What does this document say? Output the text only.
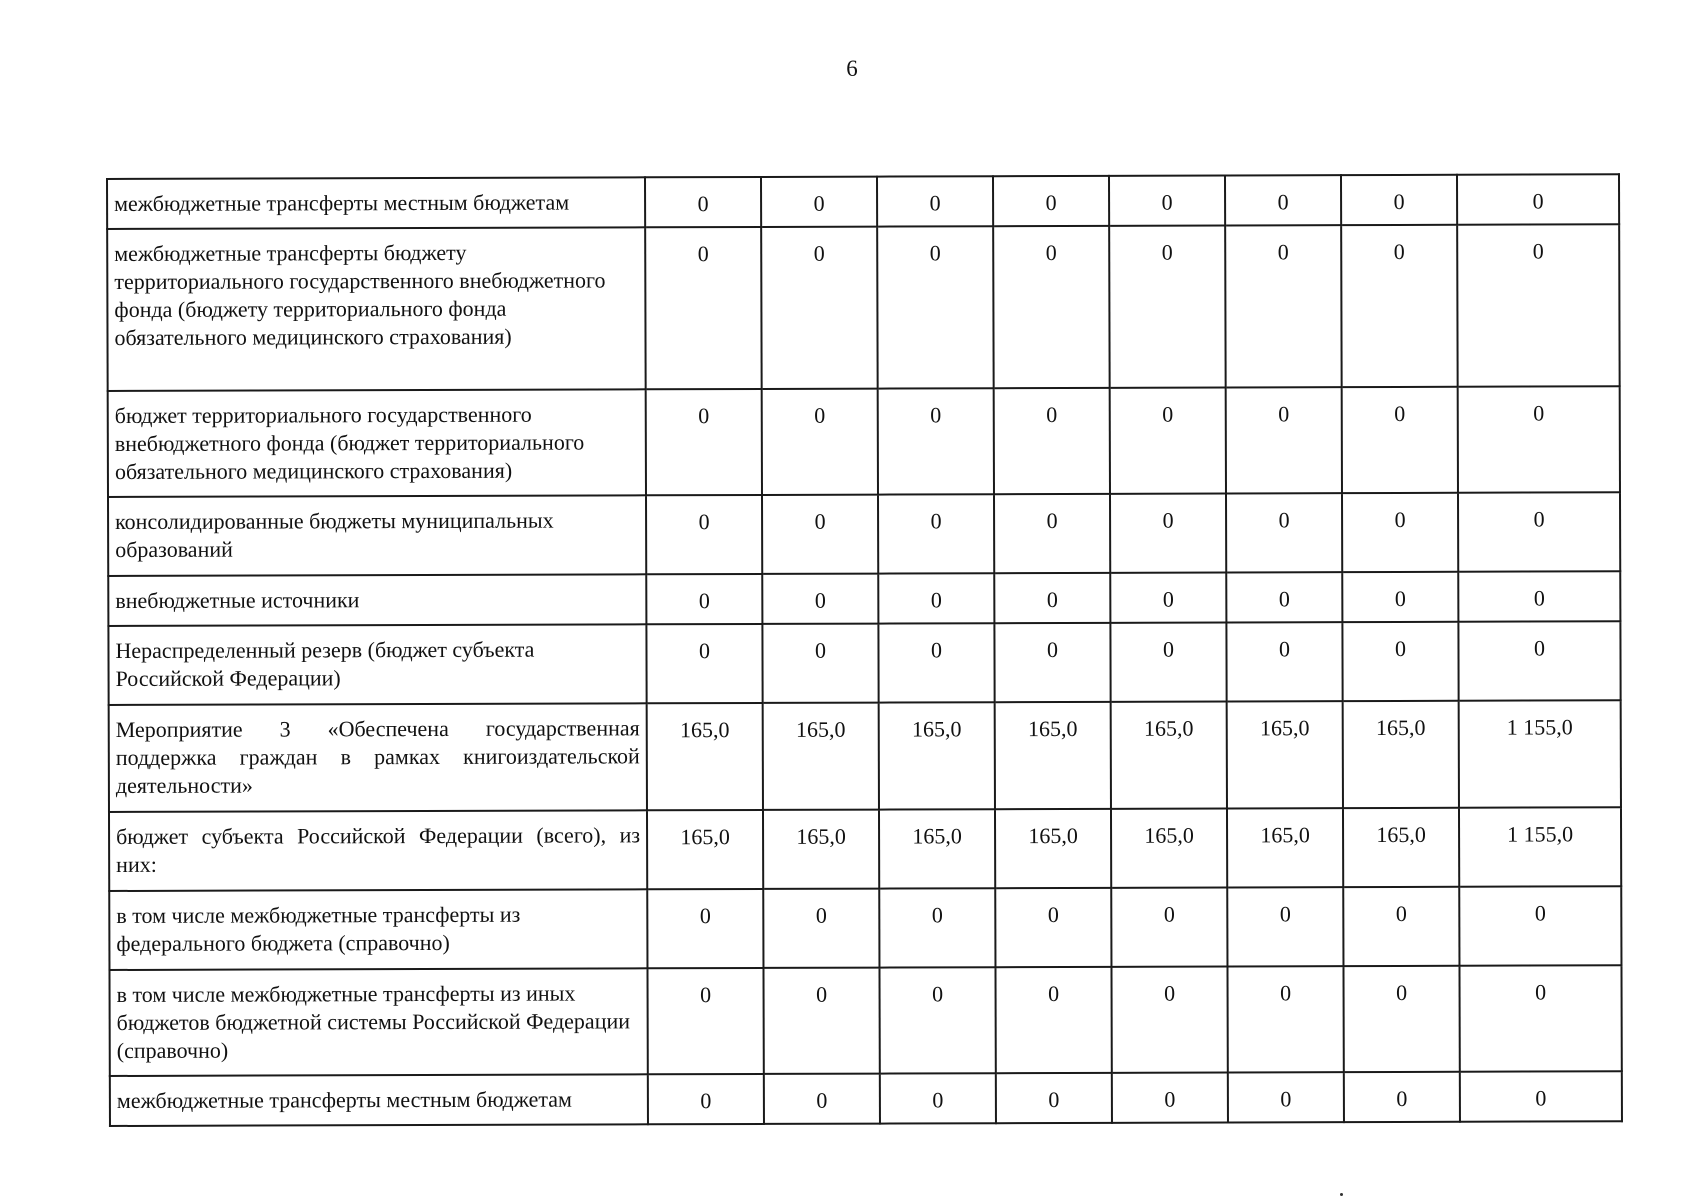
6
межбюджетные трансферты местным бюджетам	0	0	0	0	0	0	0	0
межбюджетные трансферты бюджету территориального государственного внебюджетного фонда (бюджету территориального фонда обязательного медицинского страхования)	0	0	0	0	0	0	0	0
бюджет территориального государственного внебюджетного фонда (бюджет территориального обязательного медицинского страхования)	0	0	0	0	0	0	0	0
консолидированные бюджеты муниципальных образований	0	0	0	0	0	0	0	0
внебюджетные источники	0	0	0	0	0	0	0	0
Нераспределенный резерв (бюджет субъекта Российской Федерации)	0	0	0	0	0	0	0	0
Мероприятие 3 «Обеспечена государственная поддержка граждан в рамках книгоиздательской деятельности»	165,0	165,0	165,0	165,0	165,0	165,0	165,0	1 155,0
бюджет субъекта Российской Федерации (всего), из них:	165,0	165,0	165,0	165,0	165,0	165,0	165,0	1 155,0
в том числе межбюджетные трансферты из федерального бюджета (справочно)	0	0	0	0	0	0	0	0
в том числе межбюджетные трансферты из иных бюджетов бюджетной системы Российской Федерации (справочно)	0	0	0	0	0	0	0	0
межбюджетные трансферты местным бюджетам	0	0	0	0	0	0	0	0
